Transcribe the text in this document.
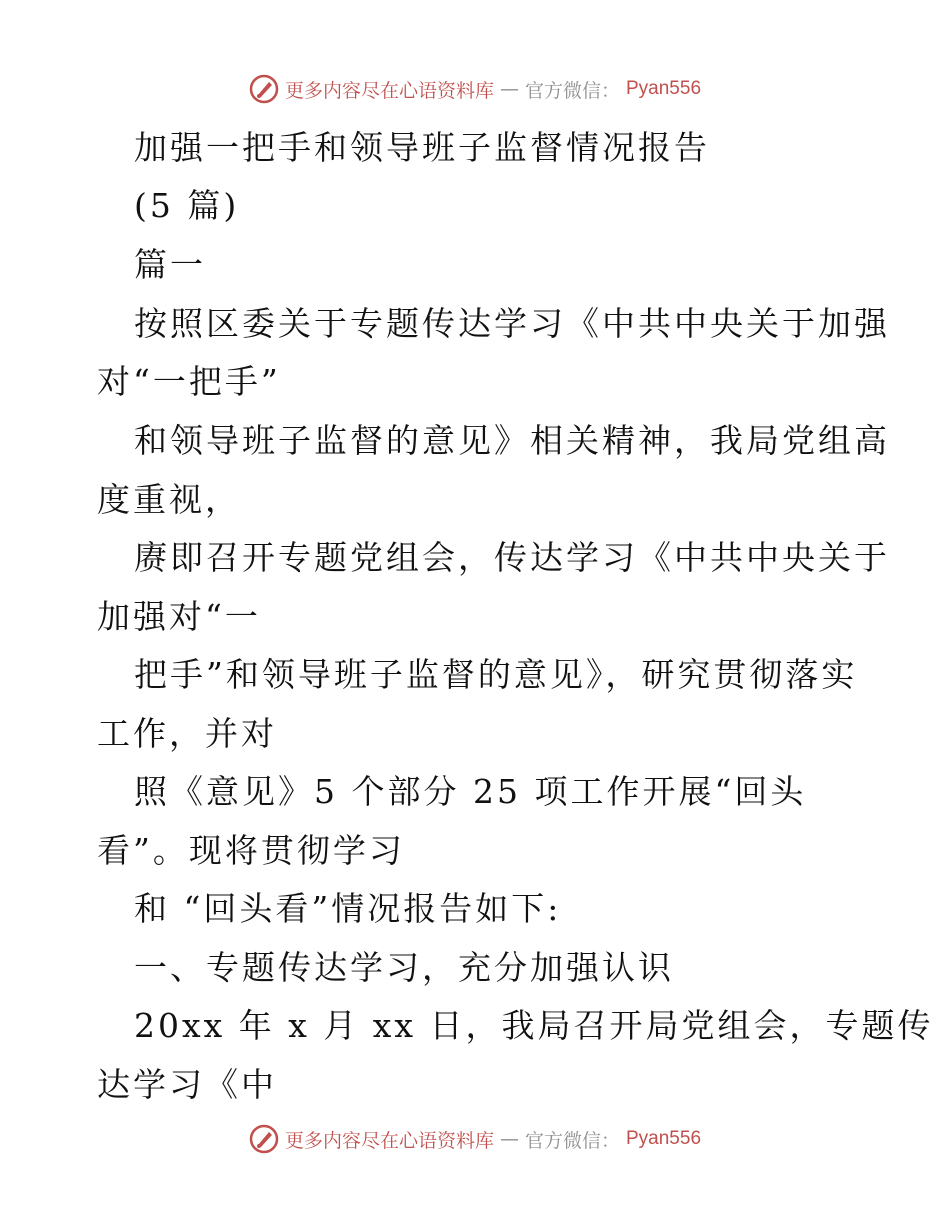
更多内容尽在心语资料库 — 官方微信： Pyan556
加强一把手和领导班子监督情况报告
(5 篇)
篇一
按照区委关于专题传达学习《中共中央关于加强
对“一把手”
和领导班子监督的意见》相关精神，我局党组高
度重视，
赓即召开专题党组会，传达学习《中共中央关于
加强对“一
把手”和领导班子监督的意见》，研究贯彻落实
工作，并对
照《意见》5 个部分 25 项工作开展“回头
看”。现将贯彻学习
和 “回头看”情况报告如下:
一、专题传达学习，充分加强认识
20xx 年 x 月 xx 日，我局召开局党组会，专题传
达学习《中
更多内容尽在心语资料库 — 官方微信： Pyan556
